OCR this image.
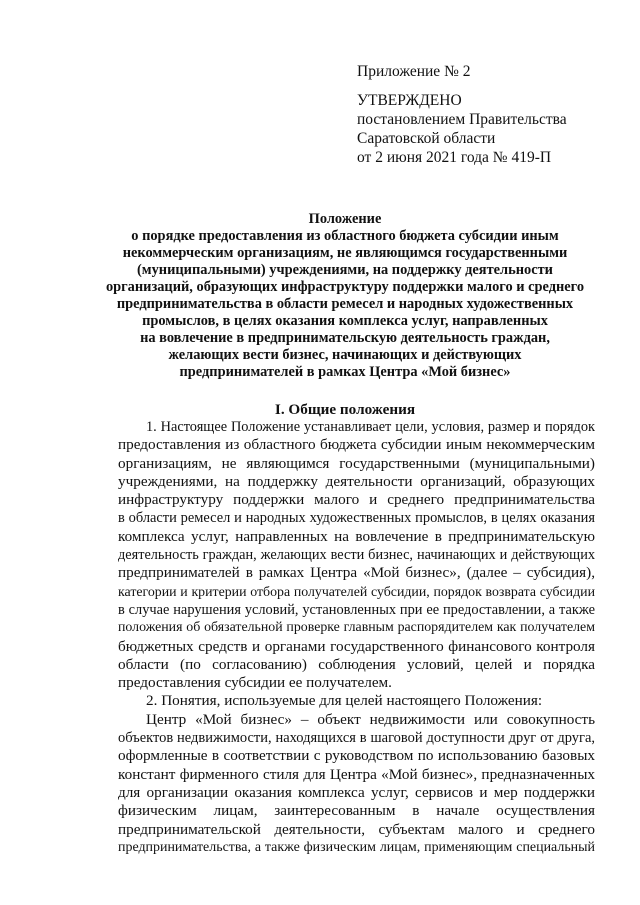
Приложение № 2
УТВЕРЖДЕНО
постановлением Правительства
Саратовской области
от 2 июня 2021 года № 419-П
Положение
о порядке предоставления из областного бюджета субсидии иным
некоммерческим организациям, не являющимся государственными
(муниципальными) учреждениями, на поддержку деятельности
организаций, образующих инфраструктуру поддержки малого и среднего
предпринимательства в области ремесел и народных художественных
промыслов, в целях оказания комплекса услуг, направленных
на вовлечение в предпринимательскую деятельность граждан,
желающих вести бизнес, начинающих и действующих
предпринимателей в рамках Центра «Мой бизнес»
I. Общие положения
1. Настоящее Положение устанавливает цели, условия, размер и порядок
предоставления из областного бюджета субсидии иным некоммерческим
организациям, не являющимся государственными (муниципальными)
учреждениями, на поддержку деятельности организаций, образующих
инфраструктуру поддержки малого и среднего предпринимательства
в области ремесел и народных художественных промыслов, в целях оказания
комплекса услуг, направленных на вовлечение в предпринимательскую
деятельность граждан, желающих вести бизнес, начинающих и действующих
предпринимателей в рамках Центра «Мой бизнес», (далее – субсидия),
категории и критерии отбора получателей субсидии, порядок возврата субсидии
в случае нарушения условий, установленных при ее предоставлении, а также
положения об обязательной проверке главным распорядителем как получателем
бюджетных средств и органами государственного финансового контроля
области (по согласованию) соблюдения условий, целей и порядка
предоставления субсидии ее получателем.
2. Понятия, используемые для целей настоящего Положения:
Центр «Мой бизнес» – объект недвижимости или совокупность
объектов недвижимости, находящихся в шаговой доступности друг от друга,
оформленные в соответствии с руководством по использованию базовых
констант фирменного стиля для Центра «Мой бизнес», предназначенных
для организации оказания комплекса услуг, сервисов и мер поддержки
физическим лицам, заинтересованным в начале осуществления
предпринимательской деятельности, субъектам малого и среднего
предпринимательства, а также физическим лицам, применяющим специальный
